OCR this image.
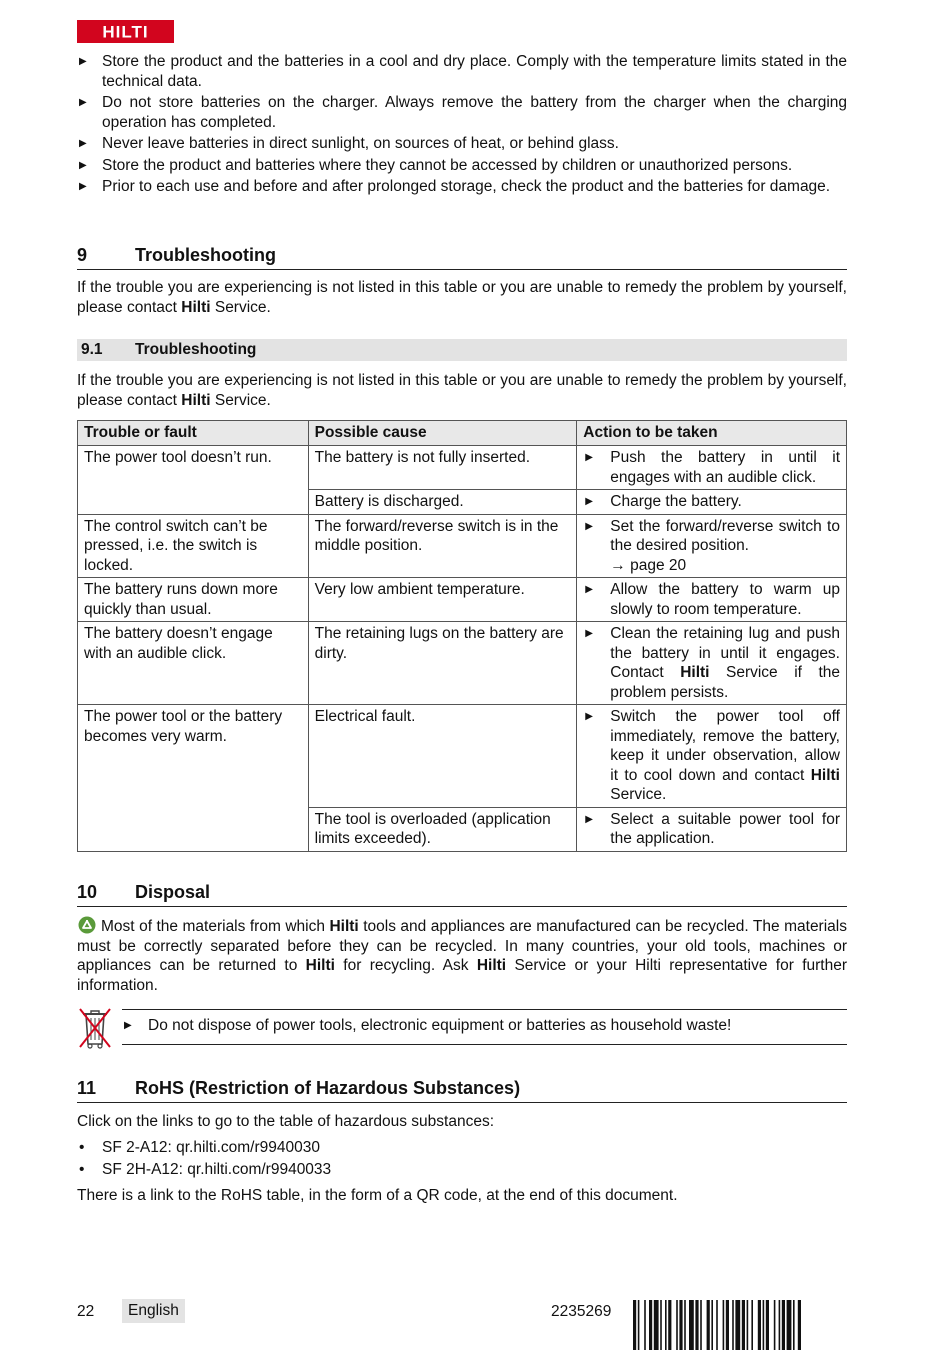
HILTI
▶ Store the product and the batteries in a cool and dry place. Comply with the temperature limits stated in the technical data.
▶ Do not store batteries on the charger. Always remove the battery from the charger when the charging operation has completed.
▶ Never leave batteries in direct sunlight, on sources of heat, or behind glass.
▶ Store the product and batteries where they cannot be accessed by children or unauthorized persons.
▶ Prior to each use and before and after prolonged storage, check the product and the batteries for damage.
9	Troubleshooting

If the trouble you are experiencing is not listed in this table or you are unable to remedy the problem by yourself, please contact Hilti Service.

9.1 Troubleshooting

If the trouble you are experiencing is not listed in this table or you are unable to remedy the problem by yourself, please contact Hilti Service.

Trouble or fault	Possible cause	Action to be taken
The power tool doesn’t run.	The battery is not fully inserted.	▶ Push the battery in until it engages with an audible click.

	Battery is discharged.	▶ Charge the battery.

The control switch can’t be pressed, i.e. the switch is locked.	The forward/reverse switch is in the middle position.	▶ Set the forward/reverse switch to the desired position.
→ page 20

The battery runs down more quickly than usual.	Very low ambient temperature.	▶ Allow the battery to warm up slowly to room temperature.

The battery doesn’t engage with an audible click.	The retaining lugs on the battery are dirty.	▶ Clean the retaining lug and push the battery in until it engages. Contact Hilti Service if the problem persists.

The power tool or the battery becomes very warm.	Electrical fault.	▶ Switch the power tool off immediately, remove the battery, keep it under observation, allow it to cool down and contact Hilti Service.

	The tool is overloaded (application limits exceeded).	▶ Select a suitable power tool for the application.
10 Disposal

Most of the materials from which Hilti tools and appliances are manufactured can be recycled. The materials must be correctly separated before they can be recycled. In many countries, your old tools, machines or appliances can be returned to Hilti for recycling. Ask Hilti Service or your Hilti representative for further information.

▶ Do not dispose of power tools, electronic equipment or batteries as household waste!
11 RoHS (Restriction of Hazardous Substances)

Click on the links to go to the table of hazardous substances:

• SF 2-A12: qr.hilti.com/r9940030
• SF 2H-A12: qr.hilti.com/r9940033

There is a link to the RoHS table, in the form of a QR code, at the end of this document.

22	English	2235269
